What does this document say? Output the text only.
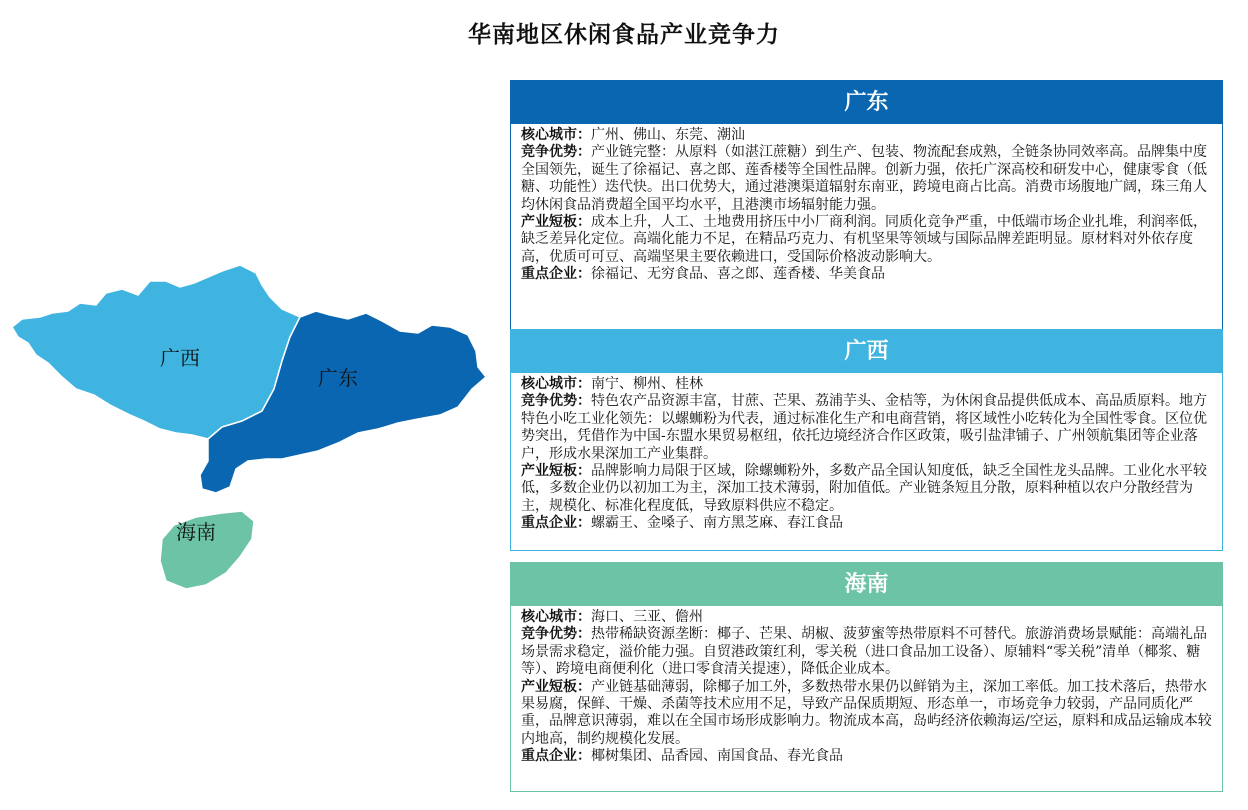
华南地区休闲食品产业竞争力
广西
广东
海南
广东

核心城市：广州、佛山、东莞、潮汕

竞争优势：产业链完整：从原料（如湛江蔗糖）到生产、包装、物流配套成熟，全链条协同效率高。品牌集中度全国领先，诞生了徐福记、喜之郎、莲香楼等全国性品牌。创新力强，依托广深高校和研发中心，健康零食（低糖、功能性）迭代快。出口优势大，通过港澳渠道辐射东南亚，跨境电商占比高。消费市场腹地广阔，珠三角人均休闲食品消费超全国平均水平，且港澳市场辐射能力强。

产业短板：成本上升，人工、土地费用挤压中小厂商利润。同质化竞争严重，中低端市场企业扎堆，利润率低，缺乏差异化定位。高端化能力不足，在精品巧克力、有机坚果等领域与国际品牌差距明显。原材料对外依存度高，优质可可豆、高端坚果主要依赖进口，受国际价格波动影响大。

重点企业：徐福记、无穷食品、喜之郎、莲香楼、华美食品

广西

核心城市：南宁、柳州、桂林

竞争优势：特色农产品资源丰富，甘蔗、芒果、荔浦芋头、金桔等，为休闲食品提供低成本、高品质原料。地方特色小吃工业化领先：以螺蛳粉为代表，通过标准化生产和电商营销，将区域性小吃转化为全国性零食。区位优势突出，凭借作为中国-东盟水果贸易枢纽，依托边境经济合作区政策，吸引盐津铺子、广州领航集团等企业落户，形成水果深加工产业集群。

产业短板：品牌影响力局限于区域，除螺蛳粉外，多数产品全国认知度低，缺乏全国性龙头品牌。工业化水平较低，多数企业仍以初加工为主，深加工技术薄弱，附加值低。产业链条短且分散，原料种植以农户分散经营为主，规模化、标准化程度低，导致原料供应不稳定。

重点企业：螺霸王、金嗓子、南方黑芝麻、春江食品

海南

核心城市：海口、三亚、儋州

竞争优势：热带稀缺资源垄断：椰子、芒果、胡椒、菠萝蜜等热带原料不可替代。旅游消费场景赋能：高端礼品场景需求稳定，溢价能力强。自贸港政策红利，零关税（进口食品加工设备）、原辅料“零关税”清单（椰浆、糖等）、跨境电商便利化（进口零食清关提速），降低企业成本。

产业短板：产业链基础薄弱，除椰子加工外，多数热带水果仍以鲜销为主，深加工率低。加工技术落后，热带水果易腐，保鲜、干燥、杀菌等技术应用不足，导致产品保质期短、形态单一，市场竞争力较弱，产品同质化严重，品牌意识薄弱，难以在全国市场形成影响力。物流成本高，岛屿经济依赖海运/空运，原料和成品运输成本较内地高，制约规模化发展。

重点企业：椰树集团、品香园、南国食品、春光食品
